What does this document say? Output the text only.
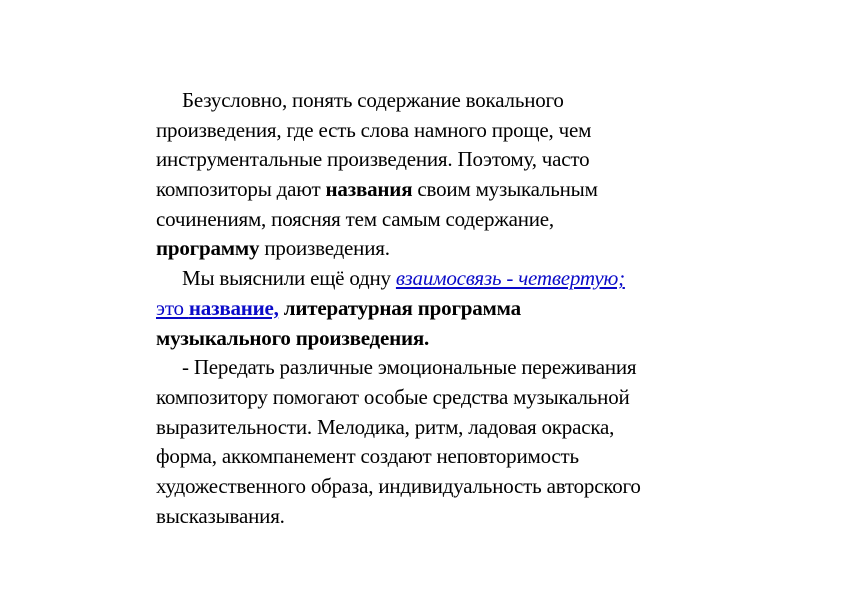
Безусловно, понять содержание вокального
произведения, где есть слова намного проще, чем
инструментальные произведения. Поэтому, часто
композиторы дают названия своим музыкальным
сочинениям, поясняя тем самым содержание,
программу произведения.
Мы выяснили ещё одну взаимосвязь - четвертую;
это название, литературная программа
музыкального произведения.
- Передать различные эмоциональные переживания
композитору помогают особые средства музыкальной
выразительности. Мелодика, ритм, ладовая окраска,
форма, аккомпанемент создают неповторимость
художественного образа, индивидуальность авторского
высказывания.
